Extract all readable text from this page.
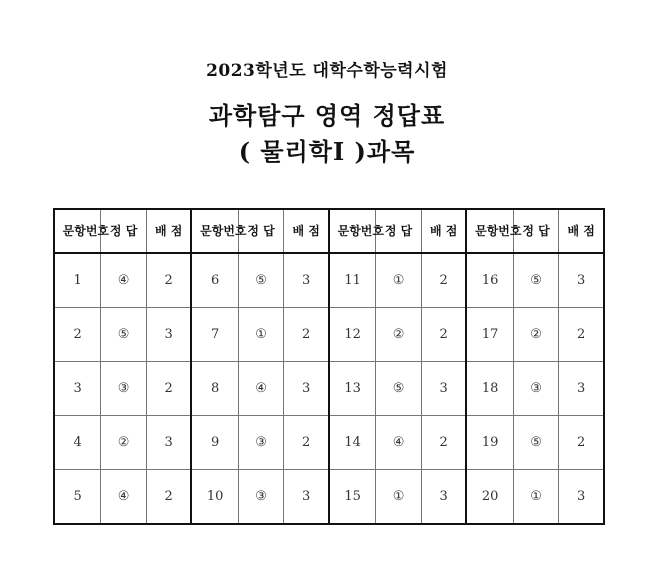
2023학년도 대학수학능력시험
과학탐구 영역 정답표
( 물리학Ⅰ )과목
문항번호	정 답	배 점	문항번호	정 답	배 점	문항번호	정 답	배 점	문항번호	정 답	배 점
1	④	2	6	⑤	3	11	①	2	16	⑤	3
2	⑤	3	7	①	2	12	②	2	17	②	2
3	③	2	8	④	3	13	⑤	3	18	③	3
4	②	3	9	③	2	14	④	2	19	⑤	2
5	④	2	10	③	3	15	①	3	20	①	3
